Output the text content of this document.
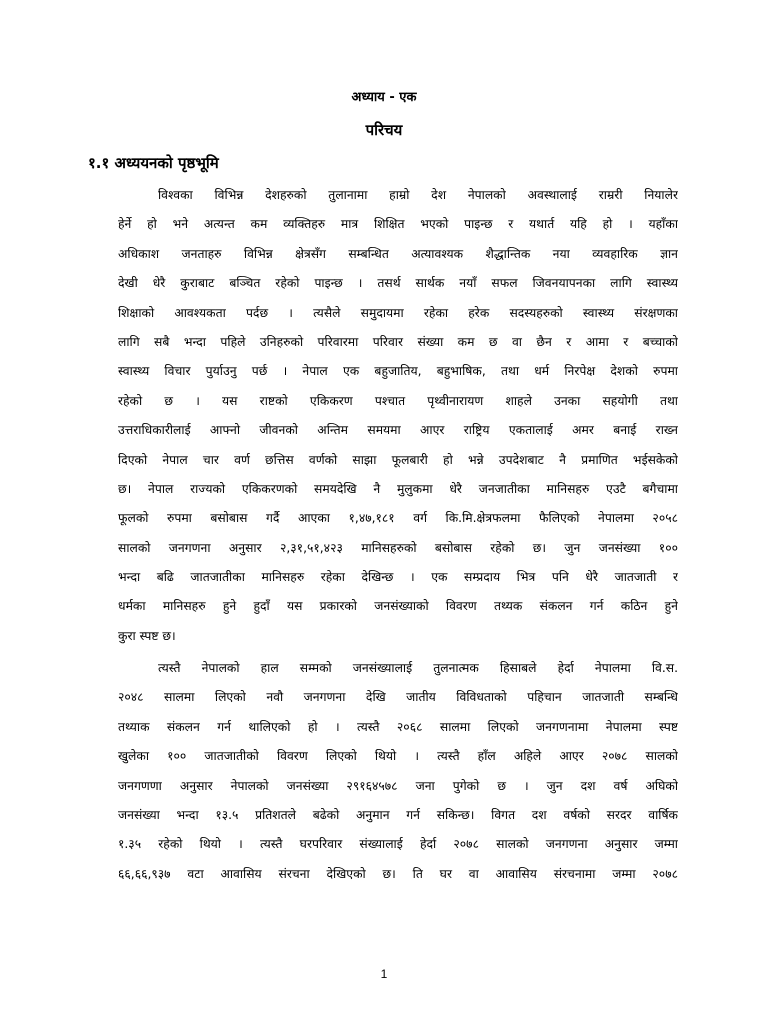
अध्याय - एक
परिचय
१.१ अध्ययनको पृष्ठभूमि
विश्वका विभिन्न देशहरुको तुलानामा हाम्रो देश नेपालको अवस्थालाई राम्ररी नियालेर
हेर्ने हो भने अत्यन्त कम व्यक्तिहरु मात्र शिक्षित भएको पाइन्छ र यथार्त यहि हो । यहाँका
अधिकाश जनताहरु विभिन्न क्षेत्रसँग सम्बन्धित अत्यावश्यक शैद्धान्तिक नया व्यवहारिक ज्ञान
देखी धेरै कुराबाट बञ्चित रहेको पाइन्छ । तसर्थ सार्थक नयाँ सफल जिवनयापनका लागि स्वास्थ्य
शिक्षाको आवश्यकता पर्दछ । त्यसैले समुदायमा रहेका हरेक सदस्यहरुको स्वास्थ्य संरक्षणका
लागि सबै भन्दा पहिले उनिहरुको परिवारमा परिवार संख्या कम छ वा छैन र आमा र बच्चाको
स्वास्थ्य विचार पुर्याउनु पर्छ । नेपाल एक बहुजातिय, बहुभाषिक, तथा धर्म निरपेक्ष देशको रुपमा
रहेको छ । यस राष्टको एकिकरण पश्चात पृथ्वीनारायण शाहले उनका सहयोगी तथा
उत्तराधिकारीलाई आफ्नो जीवनको अन्तिम समयमा आएर राष्ट्रिय एकतालाई अमर बनाई राख्न
दिएको नेपाल चार वर्ण छत्तिस वर्णको साझा फूलबारी हो भन्ने उपदेशबाट नै प्रमाणित भईसकेको
छ। नेपाल राज्यको एकिकरणको समयदेखि नै मुलुकमा धेरै जनजातीका मानिसहरु एउटै बगैचामा
फूलको रुपमा बसोबास गर्दै आएका १,४७,१८१ वर्ग कि.मि.क्षेत्रफलमा फैलिएको नेपालमा २०५८
सालको जनगणना अनुसार २,३१,५१,४२३ मानिसहरुको बसोबास रहेको छ। जुन जनसंख्या १००
भन्दा बढि जातजातीका मानिसहरु रहेका देखिन्छ । एक सम्प्रदाय भित्र पनि धेरै जातजाती र
धर्मका मानिसहरु हुने हुदाँ यस प्रकारको जनसंख्याको विवरण तथ्यक संकलन गर्न कठिन हुने
कुरा स्पष्ट छ।
त्यस्तै नेपालको हाल सम्मको जनसंख्यालाई तुलनात्मक हिसाबले हेर्दा नेपालमा वि.स.
२०४८ सालमा लिएको नवौ जनगणना देखि जातीय विविधताको पहिचान जातजाती सम्बन्धि
तथ्याक संकलन गर्न थालिएको हो । त्यस्तै २०६८ सालमा लिएको जनगणनामा नेपालमा स्पष्ट
खुलेका १०० जातजातीको विवरण लिएको थियो । त्यस्तै हाँल अहिले आएर २०७८ सालको
जनगणणा अनुसार नेपालको जनसंख्या २९१६४५७८ जना पुगेको छ । जुन दश वर्ष अघिको
जनसंख्या भन्दा १३.५ प्रतिशतले बढेको अनुमान गर्न सकिन्छ। विगत दश वर्षको सरदर वार्षिक
१.३५ रहेको थियो । त्यस्तै घरपरिवार संख्यालाई हेर्दा २०७८ सालको जनगणना अनुसार जम्मा
६६,६६,९३७ वटा आवासिय संरचना देखिएको छ। ति घर वा आवासिय संरचनामा जम्मा २०७८
1
